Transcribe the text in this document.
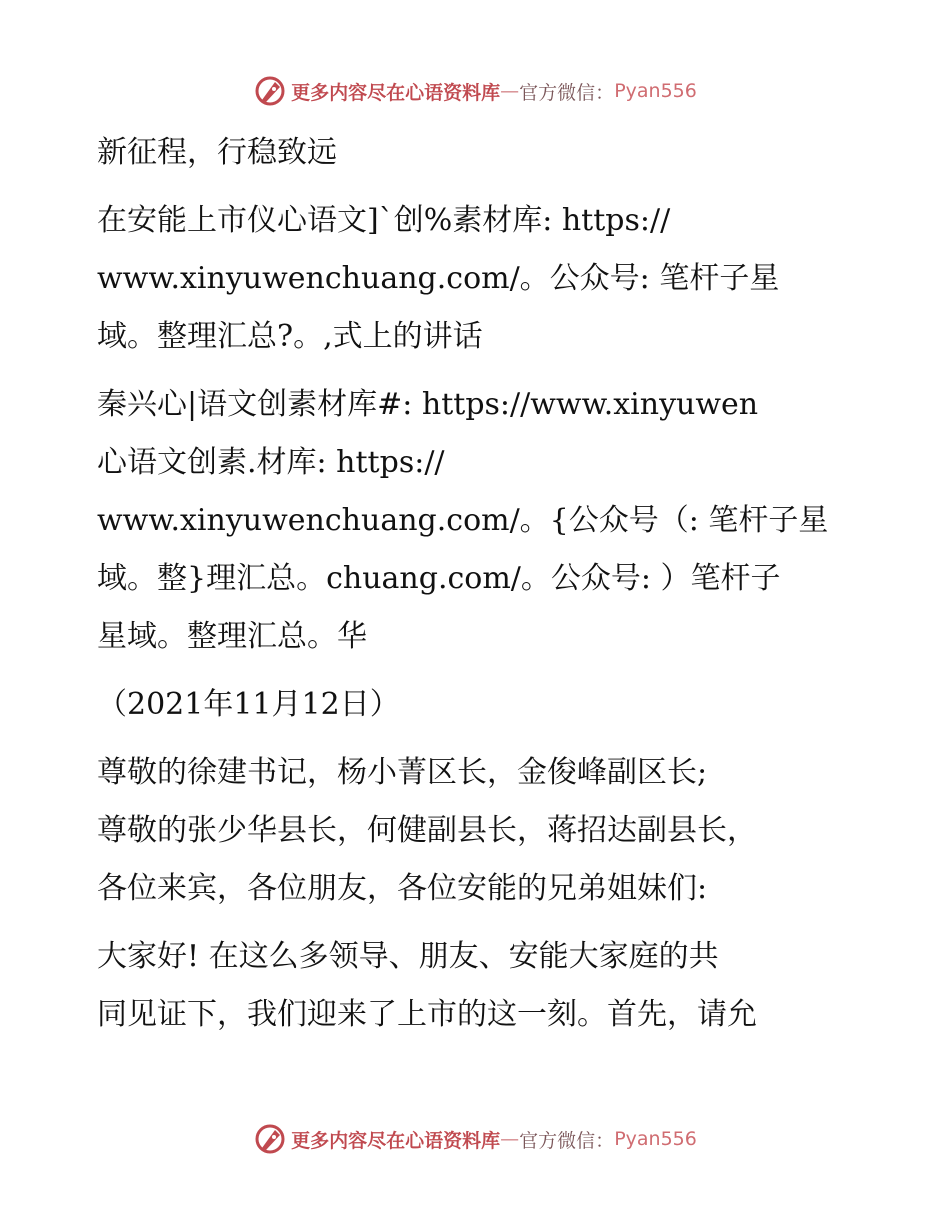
更多内容尽在心语资料库 — 官方微信： Pyan556

新征程，行稳致远

在安能上市仪心语文]`创%素材库: https://

www.xinyuwenchuang.com/。公众号: 笔杆子星

域。整理汇总?。,式上的讲话

秦兴心|语文创素材库#: https://www.xinyuwen

心语文创素.材库: https://

www.xinyuwenchuang.com/。{公众号（: 笔杆子星

域。整}理汇总。chuang.com/。公众号: ）笔杆子

星域。整理汇总。华

（2021年11月12日）

尊敬的徐建书记，杨小菁区长，金俊峰副区长;

尊敬的张少华县长，何健副县长，蒋招达副县长，

各位来宾，各位朋友，各位安能的兄弟姐妹们:

大家好! 在这么多领导、朋友、安能大家庭的共

同见证下，我们迎来了上市的这一刻。首先，请允

更多内容尽在心语资料库 — 官方微信： Pyan556
